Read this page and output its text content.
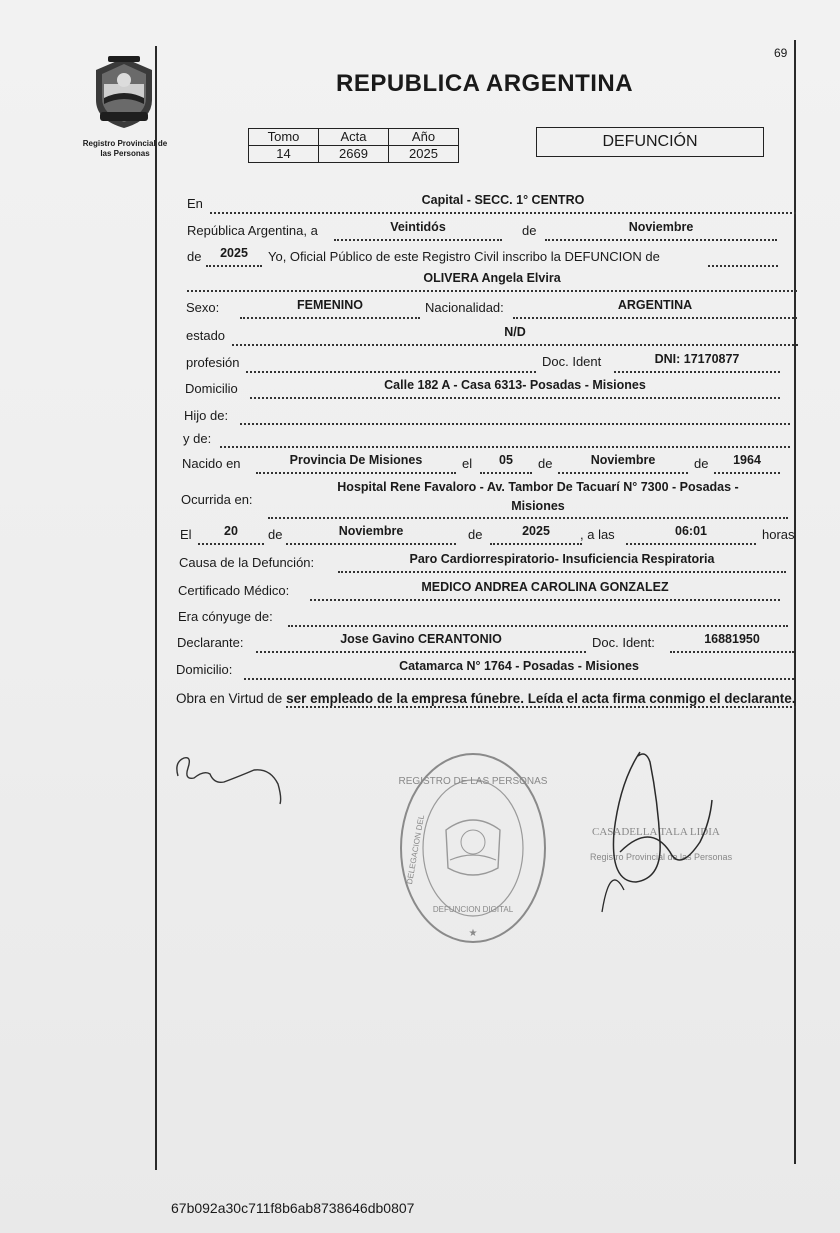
69
Registro Provincial de
las Personas
REPUBLICA ARGENTINA
Tomo	Acta	Año
14	2669	2025
DEFUNCIÓN
En	Capital - SECC. 1° CENTRO
República Argentina, a	Veintidós	de	Noviembre
de	2025	Yo, Oficial Público de este Registro Civil inscribo la DEFUNCION de
OLIVERA Angela Elvira
Sexo:	FEMENINO	Nacionalidad:	ARGENTINA
estado	N/D
profesión	Doc. Ident	DNI: 17170877
Domicilio	Calle 182 A - Casa 6313- Posadas - Misiones
Hijo de:
y de:
Nacido en	Provincia De Misiones	el	05	de	Noviembre	de	1964
Ocurrida en:
Hospital Rene Favaloro - Av. Tambor De Tacuarí N° 7300 - Posadas -
Misiones
El	20	de	Noviembre	de	2025	, a las	06:01	horas
Causa de la Defunción:	Paro Cardiorrespiratorio- Insuficiencia Respiratoria
Certificado Médico:	MEDICO ANDREA CAROLINA GONZALEZ
Era cónyuge de:
Declarante:	Jose Gavino CERANTONIO	Doc. Ident:	16881950
Domicilio:	Catamarca N° 1764 - Posadas - Misiones
Obra en Virtud de ser empleado de la empresa fúnebre. Leída el acta firma conmigo el declarante.
REGISTRO DE LAS PERSONAS
DELEGACION DEL
DEFUNCION DIGITAL
★
CASADELLA TALA LIDIA
Registro Provincial de las Personas
67b092a30c711f8b6ab8738646db0807
